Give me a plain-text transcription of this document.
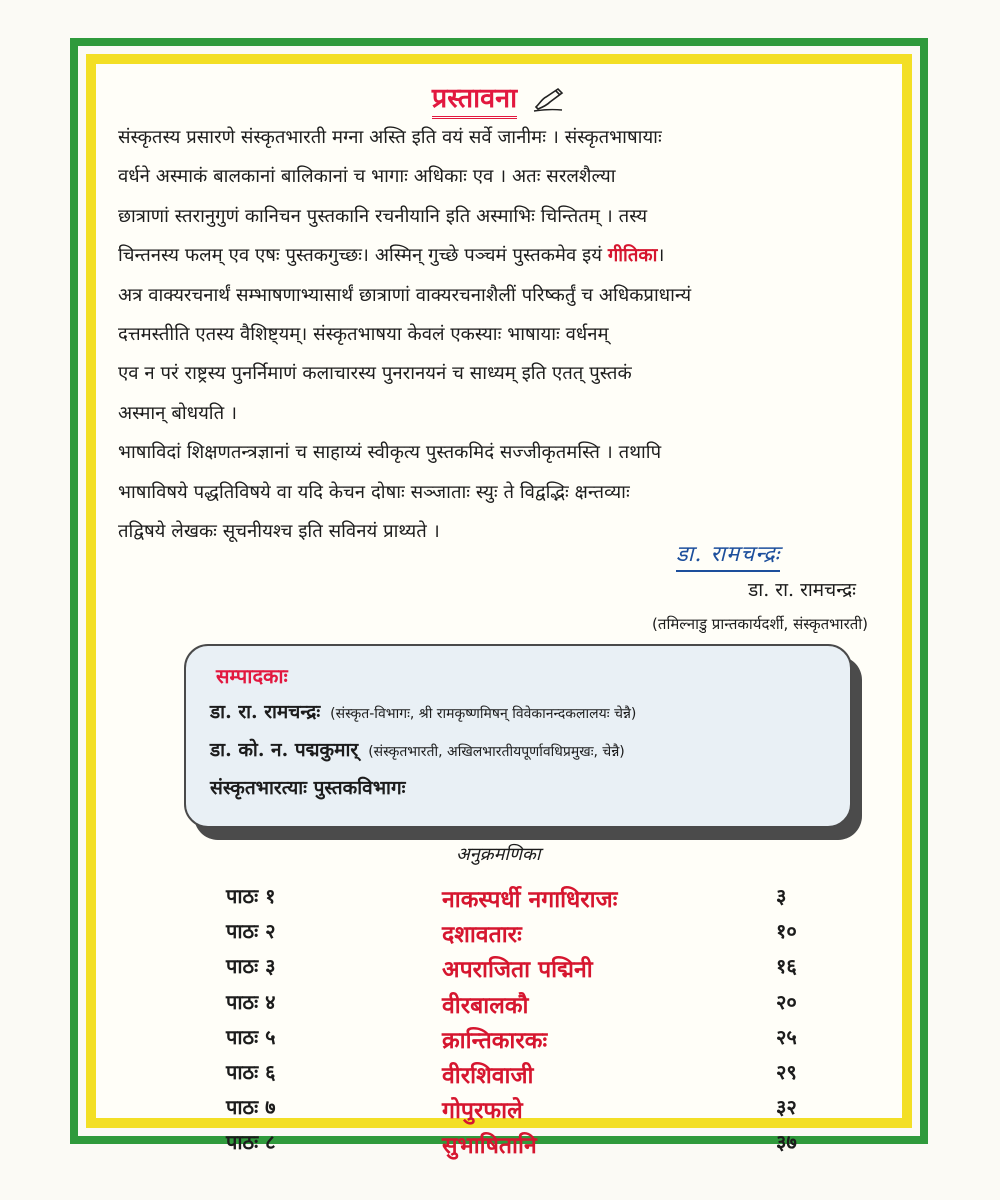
प्रस्तावना

संस्कृतस्य प्रसारणे संस्कृतभारती मग्ना अस्ति इति वयं सर्वे जानीमः । संस्कृतभाषायाः

वर्धने अस्माकं बालकानां बालिकानां च भागाः अधिकाः एव । अतः सरलशैल्या

छात्राणां स्तरानुगुणं कानिचन पुस्तकानि रचनीयानि इति अस्माभिः चिन्तितम् । तस्य

चिन्तनस्य फलम् एव एषः पुस्तकगुच्छः। अस्मिन् गुच्छे पञ्चमं पुस्तकमेव इयं गीतिका।

अत्र वाक्यरचनार्थं सम्भाषणाभ्यासार्थं छात्राणां वाक्यरचनाशैलीं परिष्कर्तुं च अधिकप्राधान्यं

दत्तमस्तीति एतस्य वैशिष्ट्यम्। संस्कृतभाषया केवलं एकस्याः भाषायाः वर्धनम्

एव न परं राष्ट्रस्य पुनर्निमाणं कलाचारस्य पुनरानयनं च साध्यम् इति एतत् पुस्तकं

अस्मान् बोधयति ।

भाषाविदां शिक्षणतन्त्रज्ञानां च साहाय्यं स्वीकृत्य पुस्तकमिदं सज्जीकृतमस्ति । तथापि

भाषाविषये पद्धतिविषये वा यदि केचन दोषाः सञ्जाताः स्युः ते विद्वद्भिः क्षन्तव्याः

तद्विषये लेखकः सूचनीयश्च इति सविनयं प्राथ्यते ।

डा. रामचन्द्रः
डा. रा. रामचन्द्रः
(तमिल्नाडु प्रान्तकार्यदर्शी, संस्कृतभारती)
सम्पादकाः
डा. रा. रामचन्द्रः (संस्कृत-विभागः, श्री रामकृष्णमिषन् विवेकानन्दकलालयः चेन्नै)
डा. को. न. पद्मकुमार् (संस्कृतभारती, अखिलभारतीयपूर्णावधिप्रमुखः, चेन्नै)
संस्कृतभारत्याः पुस्तकविभागः
अनुक्रमणिका
पाठः १	नाकस्पर्धी नगाधिराजः	३
पाठः २	दशावतारः	१०
पाठः ३	अपराजिता पद्मिनी	१६
पाठः ४	वीरबालकौ	२०
पाठः ५	क्रान्तिकारकः	२५
पाठः ६	वीरशिवाजी	२९
पाठः ७	गोपुरफाले	३२
पाठः ८	सुभाषितानि	३७
